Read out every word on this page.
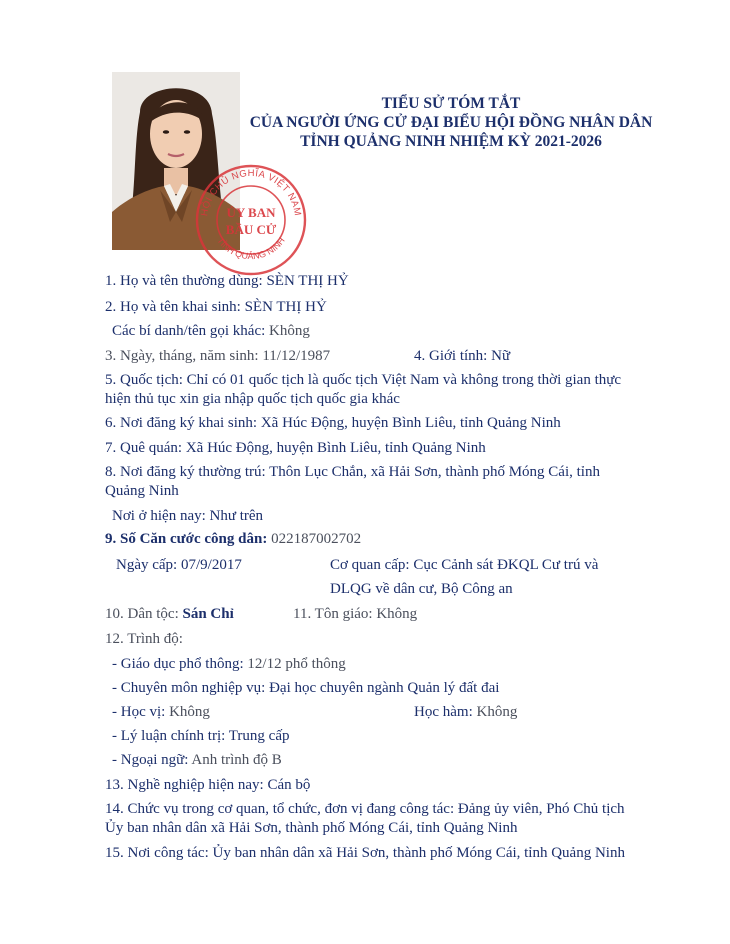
HỘI CHỦ NGHĨA VIỆT NAM
TỈNH QUẢNG NINH
ỦY BAN
BẦU CỬ
TIỂU SỬ TÓM TẮT
CỦA NGƯỜI ỨNG CỬ ĐẠI BIỂU HỘI ĐỒNG NHÂN DÂN
TỈNH QUẢNG NINH NHIỆM KỲ 2021-2026
1. Họ và tên thường dùng: SÈN THỊ HỶ
2. Họ và tên khai sinh: SÈN THỊ HỶ
Các bí danh/tên gọi khác: Không
3. Ngày, tháng, năm sinh: 11/12/1987	4. Giới tính: Nữ
5. Quốc tịch: Chỉ có 01 quốc tịch là quốc tịch Việt Nam và không trong thời gian thực hiện thủ tục xin gia nhập quốc tịch quốc gia khác
6. Nơi đăng ký khai sinh: Xã Húc Động, huyện Bình Liêu, tỉnh Quảng Ninh
7. Quê quán: Xã Húc Động, huyện Bình Liêu, tỉnh Quảng Ninh
8. Nơi đăng ký thường trú: Thôn Lục Chắn, xã Hải Sơn, thành phố Móng Cái, tỉnh Quảng Ninh
Nơi ở hiện nay: Như trên
9. Số Căn cước công dân: 022187002702
Ngày cấp: 07/9/2017	Cơ quan cấp: Cục Cảnh sát ĐKQL Cư trú và
DLQG về dân cư, Bộ Công an
10. Dân tộc: Sán Chỉ	11. Tôn giáo: Không
12. Trình độ:
- Giáo dục phổ thông: 12/12 phổ thông
- Chuyên môn nghiệp vụ: Đại học chuyên ngành Quản lý đất đai
- Học vị: Không	Học hàm: Không
- Lý luận chính trị: Trung cấp
- Ngoại ngữ: Anh trình độ B
13. Nghề nghiệp hiện nay: Cán bộ
14. Chức vụ trong cơ quan, tổ chức, đơn vị đang công tác: Đảng ủy viên, Phó Chủ tịch Ủy ban nhân dân xã Hải Sơn, thành phố Móng Cái, tỉnh Quảng Ninh
15. Nơi công tác: Ủy ban nhân dân xã Hải Sơn, thành phố Móng Cái, tỉnh Quảng Ninh
